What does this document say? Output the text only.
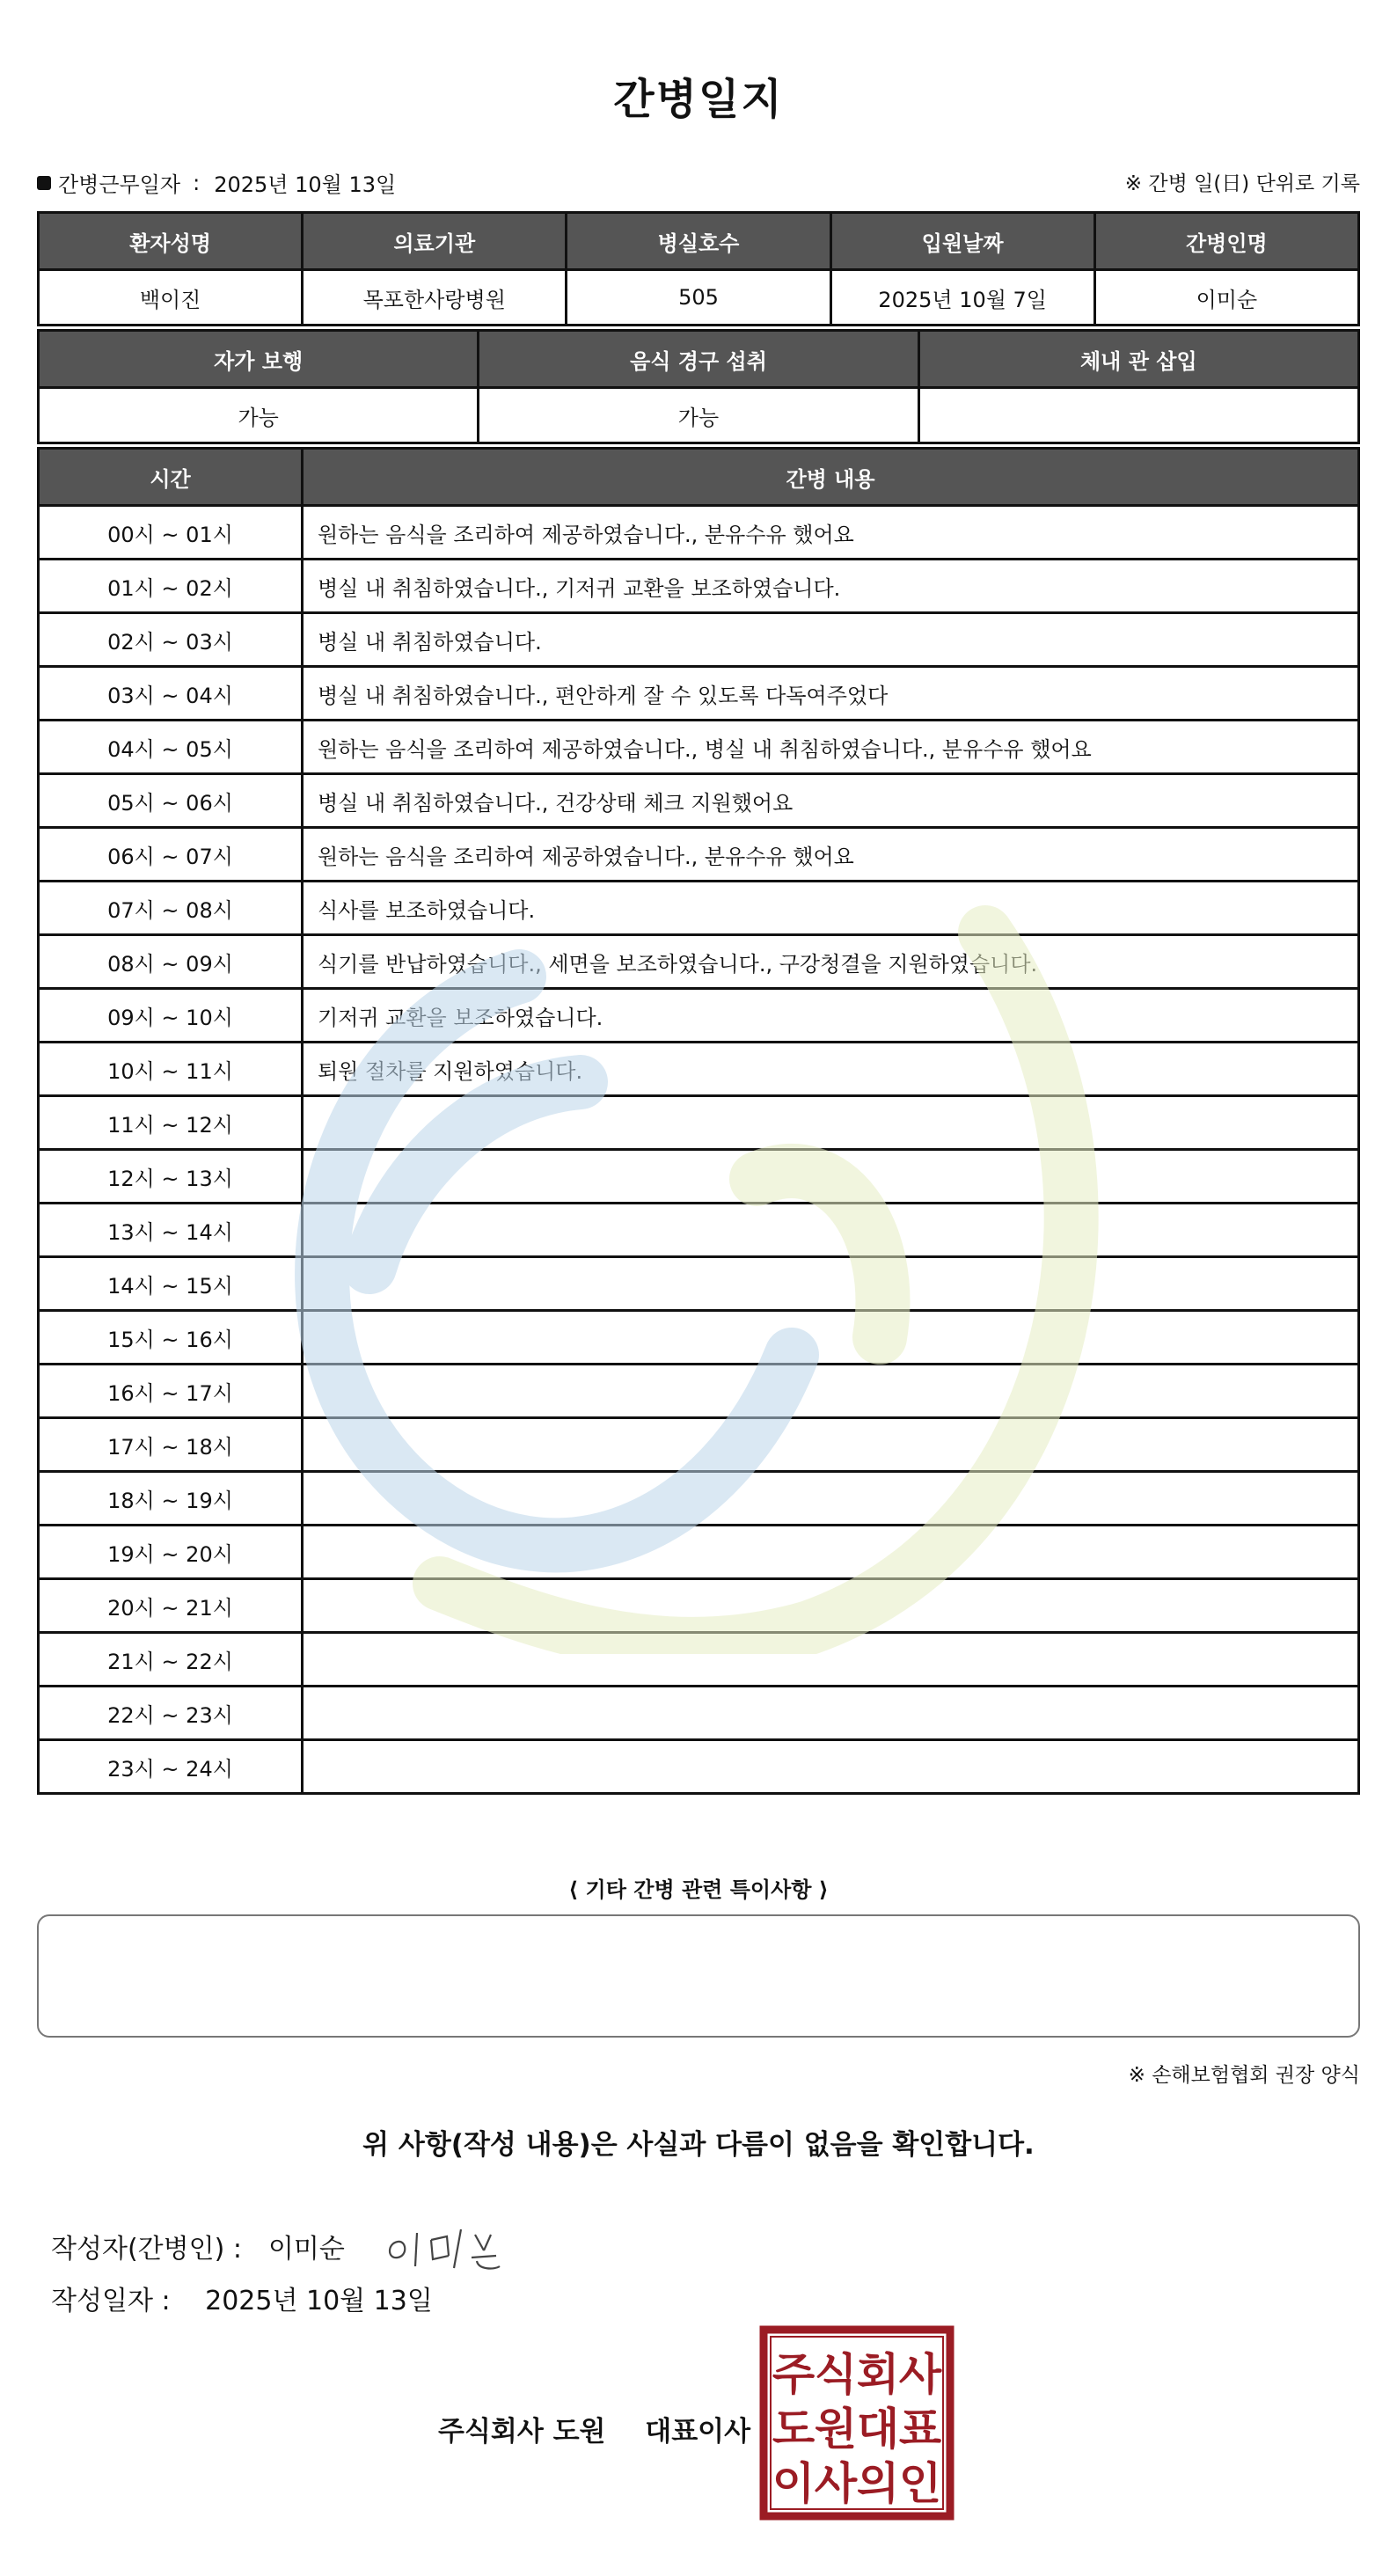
간병일지
간병근무일자 : 2025년 10월 13일	※ 간병 일(日) 단위로 기록
환자성명	의료기관	병실호수	입원날짜	간병인명
백이진	목포한사랑병원	505	2025년 10월 7일	이미순
자가 보행	음식 경구 섭취	체내 관 삽입
가능	가능	
시간	간병 내용
00시 ~ 01시	원하는 음식을 조리하여 제공하였습니다., 분유수유 했어요
01시 ~ 02시	병실 내 취침하였습니다., 기저귀 교환을 보조하였습니다.
02시 ~ 03시	병실 내 취침하였습니다.
03시 ~ 04시	병실 내 취침하였습니다., 편안하게 잘 수 있도록 다독여주었다
04시 ~ 05시	원하는 음식을 조리하여 제공하였습니다., 병실 내 취침하였습니다., 분유수유 했어요
05시 ~ 06시	병실 내 취침하였습니다., 건강상태 체크 지원했어요
06시 ~ 07시	원하는 음식을 조리하여 제공하였습니다., 분유수유 했어요
07시 ~ 08시	식사를 보조하였습니다.
08시 ~ 09시	식기를 반납하였습니다., 세면을 보조하였습니다., 구강청결을 지원하였습니다.
09시 ~ 10시	기저귀 교환을 보조하였습니다.
10시 ~ 11시	퇴원 절차를 지원하였습니다.
11시 ~ 12시	
12시 ~ 13시	
13시 ~ 14시	
14시 ~ 15시	
15시 ~ 16시	
16시 ~ 17시	
17시 ~ 18시	
18시 ~ 19시	
19시 ~ 20시	
20시 ~ 21시	
21시 ~ 22시	
22시 ~ 23시	
23시 ~ 24시	
⟨ 기타 간병 관련 특이사항 ⟩
※ 손해보험협회 권장 양식
위 사항(작성 내용)은 사실과 다름이 없음을 확인합니다.
작성자(간병인) : 이미순
작성일자 : 2025년 10월 13일
주식회사 도원 대표이사
주 식 회 사
도 원 대 표
이 사 의 인
